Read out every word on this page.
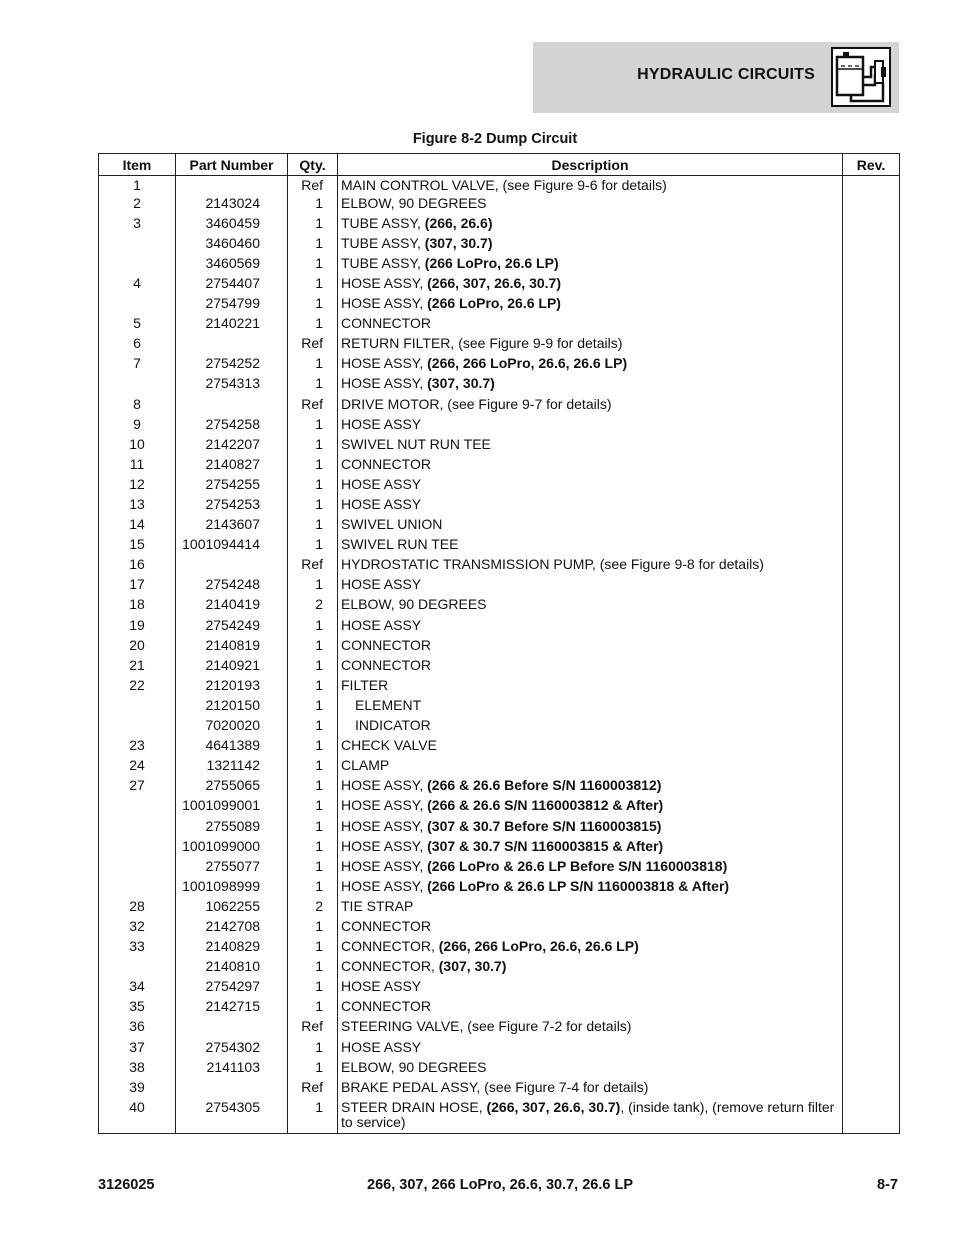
HYDRAULIC CIRCUITS
Figure 8-2 Dump Circuit
Item	Part Number	Qty.	Description	Rev.
1		Ref	MAIN CONTROL VALVE, (see Figure 9-6 for details)	
2	2143024	1	ELBOW, 90 DEGREES	
3	3460459	1	TUBE ASSY, (266, 26.6)	
	3460460	1	TUBE ASSY, (307, 30.7)	
	3460569	1	TUBE ASSY, (266 LoPro, 26.6 LP)	
4	2754407	1	HOSE ASSY, (266, 307, 26.6, 30.7)	
	2754799	1	HOSE ASSY, (266 LoPro, 26.6 LP)	
5	2140221	1	CONNECTOR	
6		Ref	RETURN FILTER, (see Figure 9-9 for details)	
7	2754252	1	HOSE ASSY, (266, 266 LoPro, 26.6, 26.6 LP)	
	2754313	1	HOSE ASSY, (307, 30.7)	
8		Ref	DRIVE MOTOR, (see Figure 9-7 for details)	
9	2754258	1	HOSE ASSY	
10	2142207	1	SWIVEL NUT RUN TEE	
11	2140827	1	CONNECTOR	
12	2754255	1	HOSE ASSY	
13	2754253	1	HOSE ASSY	
14	2143607	1	SWIVEL UNION	
15	1001094414	1	SWIVEL RUN TEE	
16		Ref	HYDROSTATIC TRANSMISSION PUMP, (see Figure 9-8 for details)	
17	2754248	1	HOSE ASSY	
18	2140419	2	ELBOW, 90 DEGREES	
19	2754249	1	HOSE ASSY	
20	2140819	1	CONNECTOR	
21	2140921	1	CONNECTOR	
22	2120193	1	FILTER	
	2120150	1	ELEMENT	
	7020020	1	INDICATOR	
23	4641389	1	CHECK VALVE	
24	1321142	1	CLAMP	
27	2755065	1	HOSE ASSY, (266 & 26.6 Before S/N 1160003812)	
	1001099001	1	HOSE ASSY, (266 & 26.6 S/N 1160003812 & After)	
	2755089	1	HOSE ASSY, (307 & 30.7 Before S/N 1160003815)	
	1001099000	1	HOSE ASSY, (307 & 30.7 S/N 1160003815 & After)	
	2755077	1	HOSE ASSY, (266 LoPro & 26.6 LP Before S/N 1160003818)	
	1001098999	1	HOSE ASSY, (266 LoPro & 26.6 LP S/N 1160003818 & After)	
28	1062255	2	TIE STRAP	
32	2142708	1	CONNECTOR	
33	2140829	1	CONNECTOR, (266, 266 LoPro, 26.6, 26.6 LP)	
	2140810	1	CONNECTOR, (307, 30.7)	
34	2754297	1	HOSE ASSY	
35	2142715	1	CONNECTOR	
36		Ref	STEERING VALVE, (see Figure 7-2 for details)	
37	2754302	1	HOSE ASSY	
38	2141103	1	ELBOW, 90 DEGREES	
39		Ref	BRAKE PEDAL ASSY, (see Figure 7-4 for details)	
40	2754305	1	STEER DRAIN HOSE, (266, 307, 26.6, 30.7), (inside tank), (remove return filter to service)	
3126025	266, 307, 266 LoPro, 26.6, 30.7, 26.6 LP	8-7
